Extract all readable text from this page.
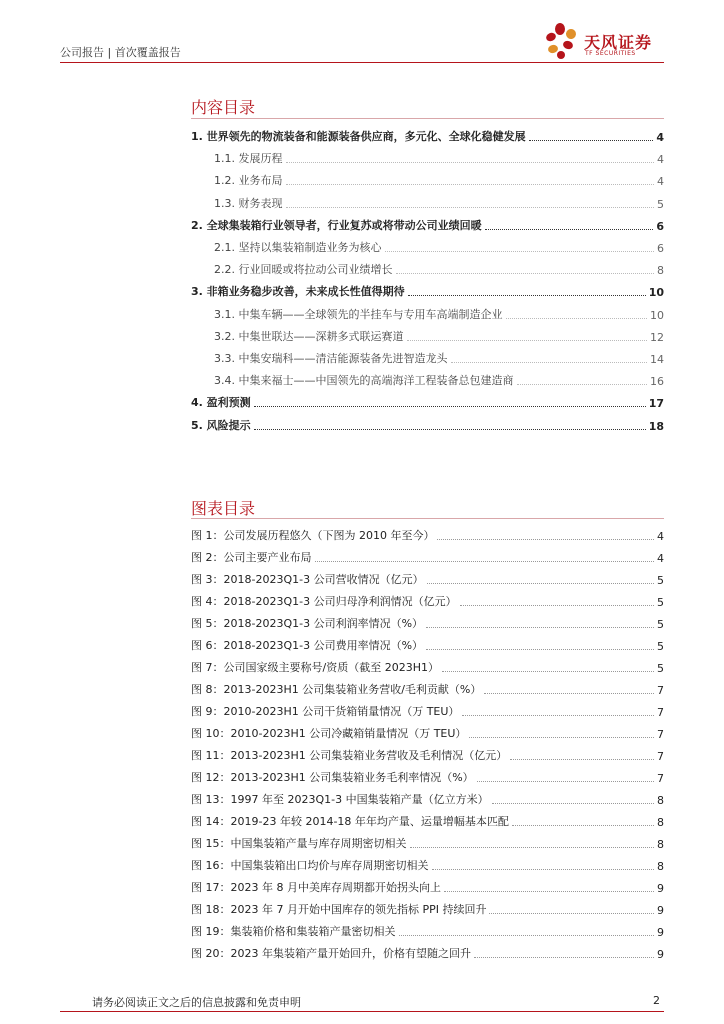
公司报告 | 首次覆盖报告
天风证券
TF SECURITIES
内容目录
1. 世界领先的物流装备和能源装备供应商，多元化、全球化稳健发展	4
1.1. 发展历程	4
1.2. 业务布局	4
1.3. 财务表现	5
2. 全球集装箱行业领导者，行业复苏或将带动公司业绩回暖	6
2.1. 坚持以集装箱制造业务为核心	6
2.2. 行业回暖或将拉动公司业绩增长	8
3. 非箱业务稳步改善，未来成长性值得期待	10
3.1. 中集车辆——全球领先的半挂车与专用车高端制造企业	10
3.2. 中集世联达——深耕多式联运赛道	12
3.3. 中集安瑞科——清洁能源装备先进智造龙头	14
3.4. 中集来福士——中国领先的高端海洋工程装备总包建造商	16
4. 盈利预测	17
5. 风险提示	18
图表目录
图 1：公司发展历程悠久（下图为 2010 年至今）	4
图 2：公司主要产业布局	4
图 3：2018-2023Q1-3 公司营收情况（亿元）	5
图 4：2018-2023Q1-3 公司归母净利润情况（亿元）	5
图 5：2018-2023Q1-3 公司利润率情况（%）	5
图 6：2018-2023Q1-3 公司费用率情况（%）	5
图 7：公司国家级主要称号/资质（截至 2023H1）	5
图 8：2013-2023H1 公司集装箱业务营收/毛利贡献（%）	7
图 9：2010-2023H1 公司干货箱销量情况（万 TEU）	7
图 10：2010-2023H1 公司冷藏箱销量情况（万 TEU）	7
图 11：2013-2023H1 公司集装箱业务营收及毛利情况（亿元）	7
图 12：2013-2023H1 公司集装箱业务毛利率情况（%）	7
图 13：1997 年至 2023Q1-3 中国集装箱产量（亿立方米）	8
图 14：2019-23 年较 2014-18 年年均产量、运量增幅基本匹配	8
图 15：中国集装箱产量与库存周期密切相关	8
图 16：中国集装箱出口均价与库存周期密切相关	8
图 17：2023 年 8 月中美库存周期都开始拐头向上	9
图 18：2023 年 7 月开始中国库存的领先指标 PPI 持续回升	9
图 19：集装箱价格和集装箱产量密切相关	9
图 20：2023 年集装箱产量开始回升，价格有望随之回升	9
请务必阅读正文之后的信息披露和免责申明	2
